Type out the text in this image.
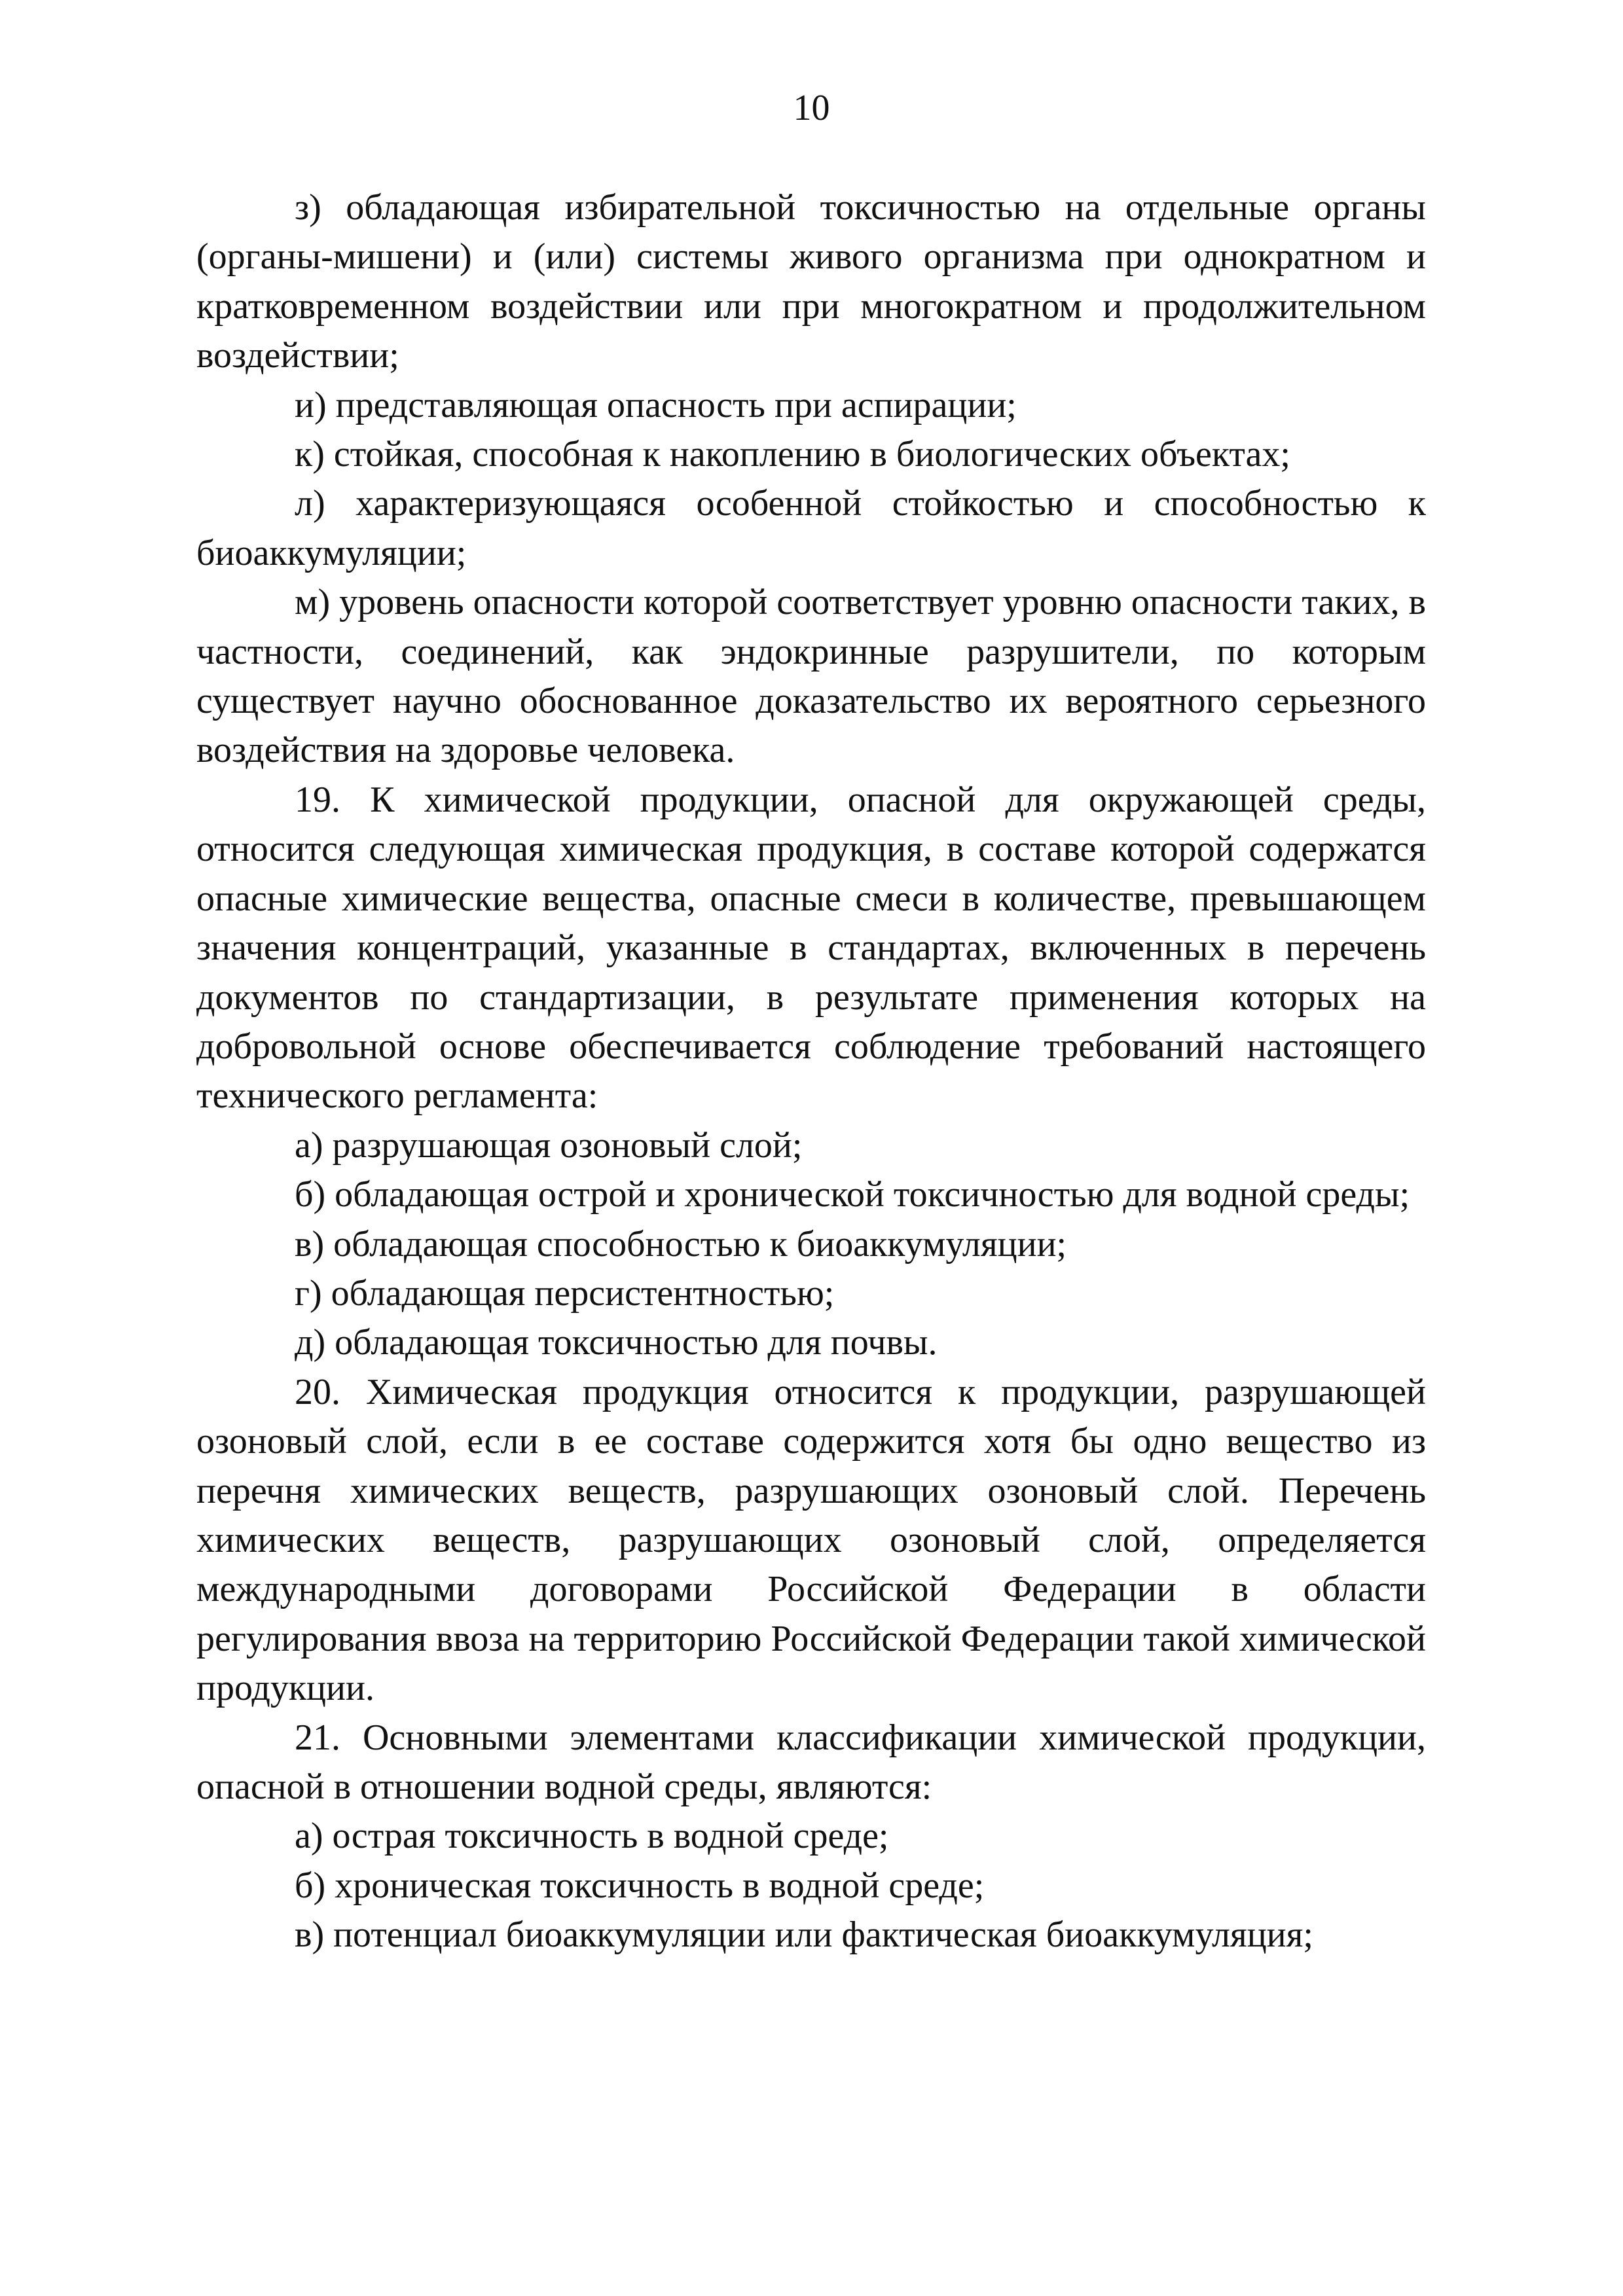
10

з) обладающая избирательной токсичностью на отдельные органы (органы-мишени) и (или) системы живого организма при однократном и кратковременном воздействии или при многократном и продолжительном воздействии;

и) представляющая опасность при аспирации;

к) стойкая, способная к накоплению в биологических объектах;

л) характеризующаяся особенной стойкостью и способностью к биоаккумуляции;

м) уровень опасности которой соответствует уровню опасности таких, в частности, соединений, как эндокринные разрушители, по которым существует научно обоснованное доказательство их вероятного серьезного воздействия на здоровье человека.

19. К химической продукции, опасной для окружающей среды, относится следующая химическая продукция, в составе которой содержатся опасные химические вещества, опасные смеси в количестве, превышающем значения концентраций, указанные в стандартах, включенных в перечень документов по стандартизации, в результате применения которых на добровольной основе обеспечивается соблюдение требований настоящего технического регламента:

а) разрушающая озоновый слой;

б) обладающая острой и хронической токсичностью для водной среды;

в) обладающая способностью к биоаккумуляции;

г) обладающая персистентностью;

д) обладающая токсичностью для почвы.

20. Химическая продукция относится к продукции, разрушающей озоновый слой, если в ее составе содержится хотя бы одно вещество из перечня химических веществ, разрушающих озоновый слой. Перечень химических веществ, разрушающих озоновый слой, определяется международными договорами Российской Федерации в области регулирования ввоза на территорию Российской Федерации такой химической продукции.

21. Основными элементами классификации химической продукции, опасной в отношении водной среды, являются:

а) острая токсичность в водной среде;

б) хроническая токсичность в водной среде;

в) потенциал биоаккумуляции или фактическая биоаккумуляция;
